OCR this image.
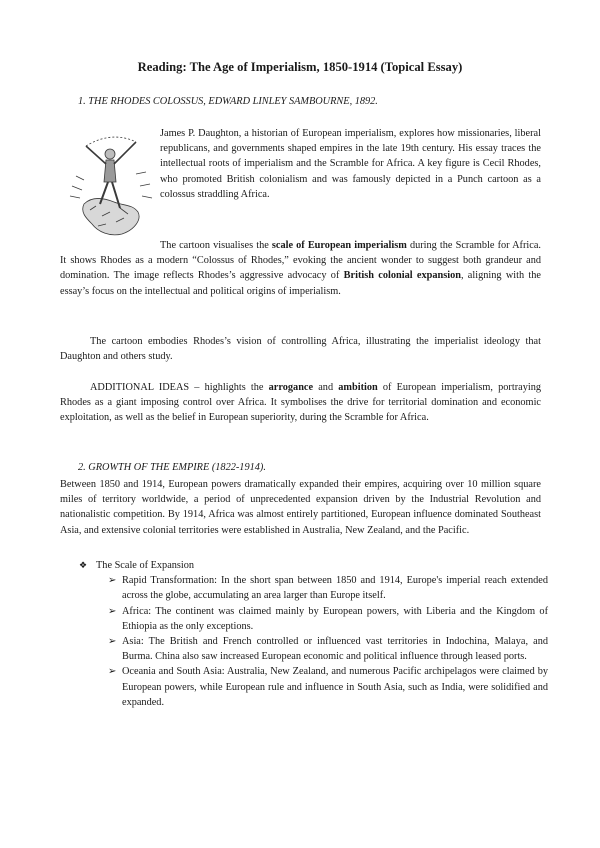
Reading: The Age of Imperialism, 1850-1914 (Topical Essay)
1. THE RHODES COLOSSUS, EDWARD LINLEY SAMBOURNE, 1892.

James P. Daughton, a historian of European imperialism, explores how missionaries, liberal republicans, and governments shaped empires in the late 19th century. His essay traces the intellectual roots of imperialism and the Scramble for Africa. A key figure is Cecil Rhodes, who promoted British colonialism and was famously depicted in a Punch cartoon as a colossus straddling Africa.

The cartoon visualises the scale of European imperialism during the Scramble for Africa. It shows Rhodes as a modern “Colossus of Rhodes,” evoking the ancient wonder to suggest both grandeur and domination. The image reflects Rhodes’s aggressive advocacy of British colonial expansion, aligning with the essay’s focus on the intellectual and political origins of imperialism.

The cartoon embodies Rhodes’s vision of controlling Africa, illustrating the imperialist ideology that Daughton and others study.

ADDITIONAL IDEAS – highlights the arrogance and ambition of European imperialism, portraying Rhodes as a giant imposing control over Africa. It symbolises the drive for territorial domination and economic exploitation, as well as the belief in European superiority, during the Scramble for Africa.

2. GROWTH OF THE EMPIRE (1822-1914).

Between 1850 and 1914, European powers dramatically expanded their empires, acquiring over 10 million square miles of territory worldwide, a period of unprecedented expansion driven by the Industrial Revolution and nationalistic competition. By 1914, Africa was almost entirely partitioned, European influence dominated Southeast Asia, and extensive colonial territories were established in Australia, New Zealand, and the Pacific.

❖ The Scale of Expansion
➢ Rapid Transformation: In the short span between 1850 and 1914, Europe's imperial reach extended across the globe, accumulating an area larger than Europe itself.
➢ Africa: The continent was claimed mainly by European powers, with Liberia and the Kingdom of Ethiopia as the only exceptions.
➢ Asia: The British and French controlled or influenced vast territories in Indochina, Malaya, and Burma. China also saw increased European economic and political influence through leased ports.
➢ Oceania and South Asia: Australia, New Zealand, and numerous Pacific archipelagos were claimed by European powers, while European rule and influence in South Asia, such as India, were solidified and expanded.
